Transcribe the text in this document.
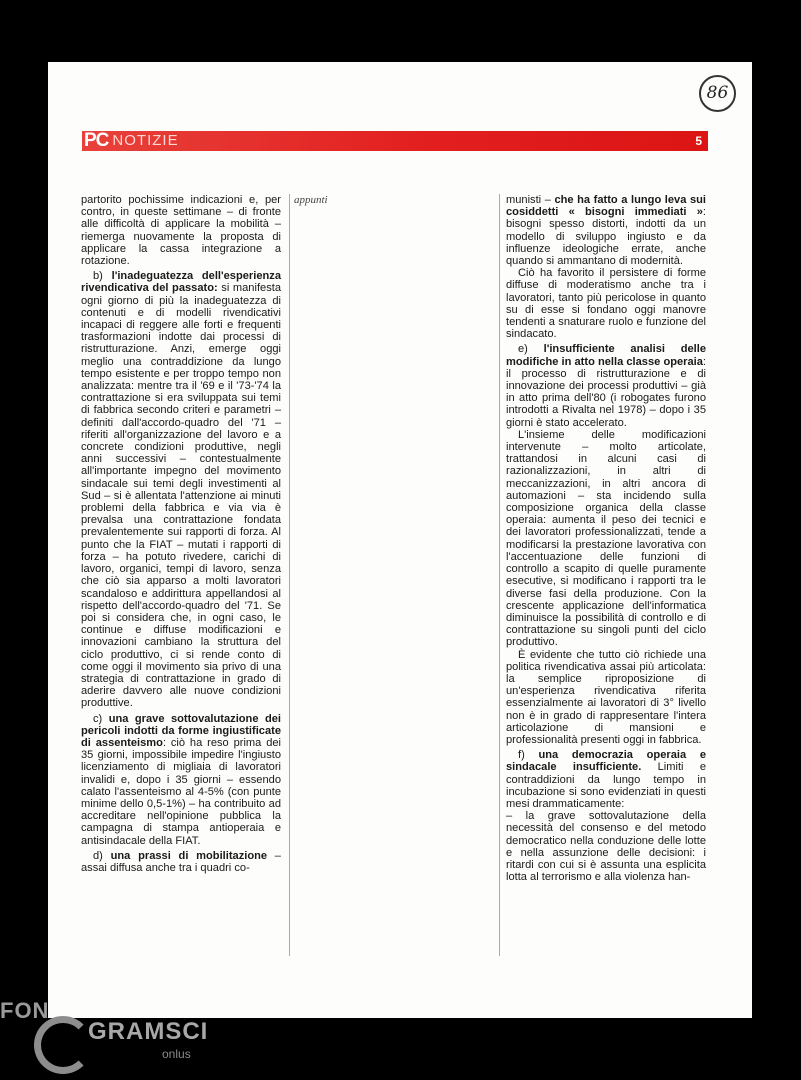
86
PC NOTIZIE	5

partorito pochissime indicazioni e, per contro, in queste settimane – di fronte alle difficoltà di applicare la mobilità – riemerga nuovamente la proposta di applicare la cassa integrazione a rotazione.

b) l'inadeguatezza dell'esperienza rivendicativa del passato: si manifesta ogni giorno di più la inadeguatezza di contenuti e di modelli rivendicativi incapaci di reggere alle forti e frequenti trasformazioni indotte dai processi di ristrutturazione. Anzi, emerge oggi meglio una contraddizione da lungo tempo esistente e per troppo tempo non analizzata: mentre tra il '69 e il '73-'74 la contrattazione si era sviluppata sui temi di fabbrica secondo criteri e parametri – definiti dall'accordo-quadro del '71 – riferiti all'organizzazione del lavoro e a concrete condizioni produttive, negli anni successivi – contestualmente all'importante impegno del movimento sindacale sui temi degli investimenti al Sud – si è allentata l'attenzione ai minuti problemi della fabbrica e via via è prevalsa una contrattazione fondata prevalentemente sui rapporti di forza. Al punto che la FIAT – mutati i rapporti di forza – ha potuto rivedere, carichi di lavoro, organici, tempi di lavoro, senza che ciò sia apparso a molti lavoratori scandaloso e addirittura appellandosi al rispetto dell'accordo-quadro del '71. Se poi si considera che, in ogni caso, le continue e diffuse modificazioni e innovazioni cambiano la struttura del ciclo produttivo, ci si rende conto di come oggi il movimento sia privo di una strategia di contrattazione in grado di aderire davvero alle nuove condizioni produttive.

c) una grave sottovalutazione dei pericoli indotti da forme ingiustificate di assenteismo: ciò ha reso prima dei 35 giorni, impossibile impedire l'ingiusto licenziamento di migliaia di lavoratori invalidi e, dopo i 35 giorni – essendo calato l'assenteismo al 4-5% (con punte minime dello 0,5-1%) – ha contribuito ad accreditare nell'opinione pubblica la campagna di stampa antioperaia e antisindacale della FIAT.

d) una prassi di mobilitazione – assai diffusa anche tra i quadri co-

appunti	munisti – che ha fatto a lungo leva sui cosiddetti « bisogni immediati »: bisogni spesso distorti, indotti da un modello di sviluppo ingiusto e da influenze ideologiche errate, anche quando si ammantano di modernità.

Ciò ha favorito il persistere di forme diffuse di moderatismo anche tra i lavoratori, tanto più pericolose in quanto su di esse si fondano oggi manovre tendenti a snaturare ruolo e funzione del sindacato.

e) l'insufficiente analisi delle modifiche in atto nella classe operaia: il processo di ristrutturazione e di innovazione dei processi produttivi – già in atto prima dell'80 (i robogates furono introdotti a Rivalta nel 1978) – dopo i 35 giorni è stato accelerato.

L'insieme delle modificazioni intervenute – molto articolate, trattandosi in alcuni casi di razionalizzazioni, in altri di meccanizzazioni, in altri ancora di automazioni – sta incidendo sulla composizione organica della classe operaia: aumenta il peso dei tecnici e dei lavoratori professionalizzati, tende a modificarsi la prestazione lavorativa con l'accentuazione delle funzioni di controllo a scapito di quelle puramente esecutive, si modificano i rapporti tra le diverse fasi della produzione. Con la crescente applicazione dell'informatica diminuisce la possibilità di controllo e di contrattazione su singoli punti del ciclo produttivo.

È evidente che tutto ciò richiede una politica rivendicativa assai più articolata: la semplice riproposizione di un'esperienza rivendicativa riferita essenzialmente ai lavoratori di 3° livello non è in grado di rappresentare l'intera articolazione di mansioni e professionalità presenti oggi in fabbrica.

f) una democrazia operaia e sindacale insufficiente. Limiti e contraddizioni da lungo tempo in incubazione si sono evidenziati in questi mesi drammaticamente:

– la grave sottovalutazione della necessità del consenso e del metodo democratico nella conduzione delle lotte e nella assunzione delle decisioni: i ritardi con cui si è assunta una esplicita lotta al terrorismo e alla violenza han-

FON
GRAMSCI
onlus
